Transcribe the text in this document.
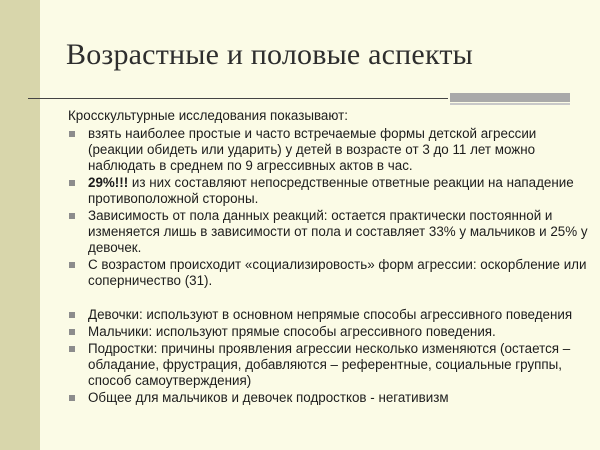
Возрастные и половые аспекты
Кросскультурные исследования показывают:
взять наиболее простые и часто встречаемые формы детской агрессии (реакции обидеть или ударить) у детей в возрасте от 3 до 11 лет можно наблюдать в среднем по 9 агрессивных актов в час.
29%!!! из них составляют непосредственные ответные реакции на нападение противоположной стороны.
Зависимость от пола данных реакций: остается практически постоянной и изменяется лишь в зависимости от пола и составляет 33% у мальчиков и 25% у девочек.
С возрастом происходит «социализировость» форм агрессии: оскорбление или соперничество (31).
Девочки: используют в основном непрямые способы агрессивного поведения
Мальчики: используют прямые способы агрессивного поведения.
Подростки: причины проявления агрессии несколько изменяются (остается – обладание, фрустрация, добавляются – референтные, социальные группы, способ самоутверждения)
Общее для мальчиков и девочек подростков - негативизм
